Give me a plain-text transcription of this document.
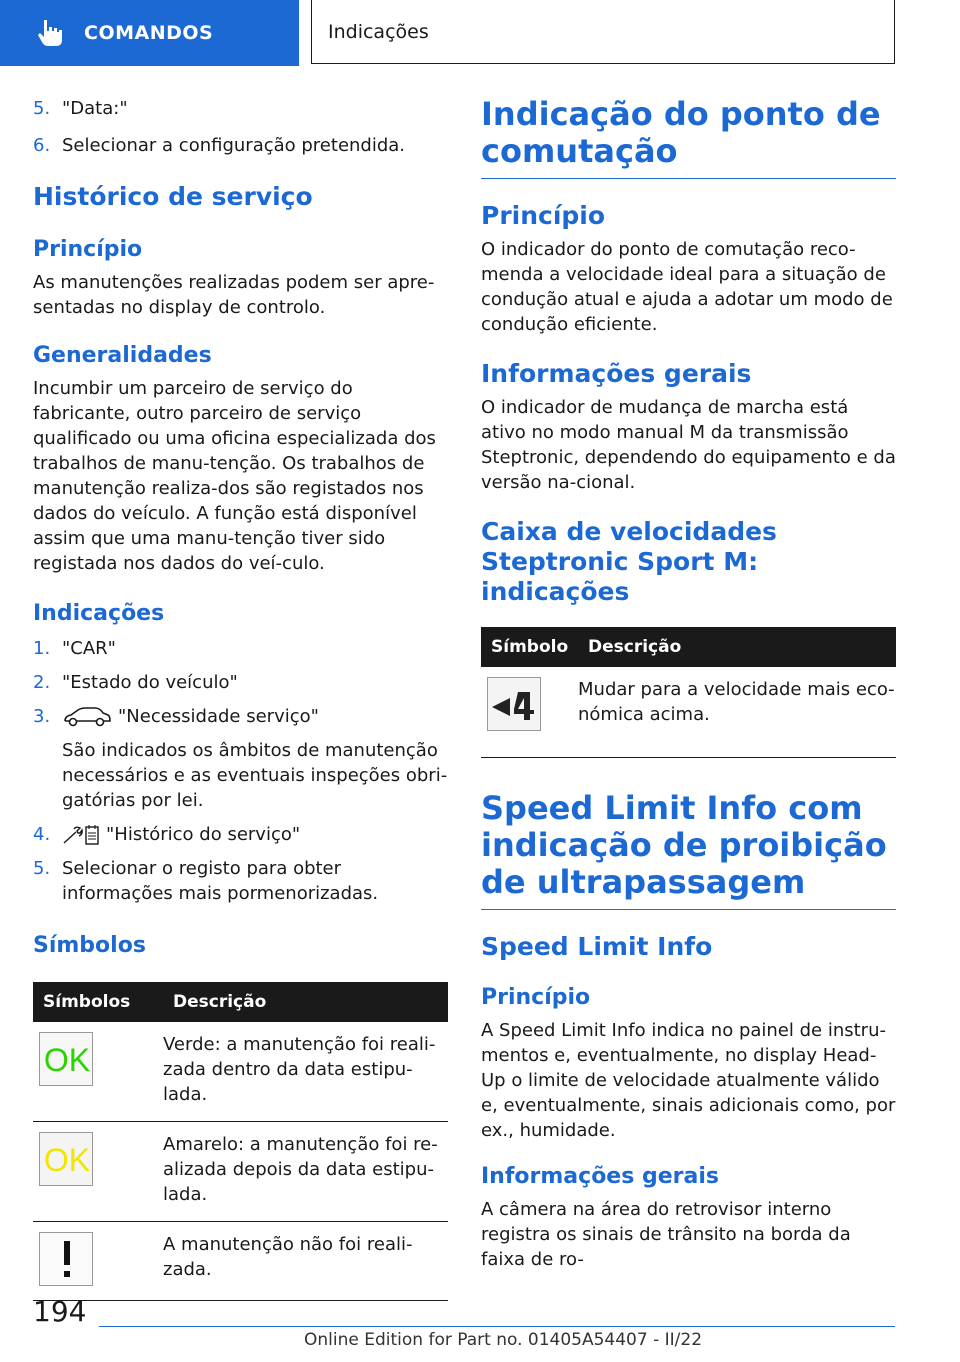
COMANDOS	Indicações
5. "Data:"
6. Selecionar a configuração pretendida.
Histórico de serviço
Princípio

As manutenções realizadas podem ser apre-sentadas no display de controlo.

Generalidades

Incumbir um parceiro de serviço do fabricante, outro parceiro de serviço qualificado ou uma oficina especializada dos trabalhos de manu-tenção. Os trabalhos de manutenção realiza-dos são registados nos dados do veículo. A função está disponível assim que uma manu-tenção tiver sido registada nos dados do veí-culo.

Indicações
1. "CAR"
2. "Estado do veículo"
3.	"Necessidade serviço"
São indicados os âmbitos de manutenção necessários e as eventuais inspeções obri-gatórias por lei.
4.	"Histórico do serviço"
5. Selecionar o registo para obter informações mais pormenorizadas.
Símbolos
Símbolos	Descrição

OK	Verde: a manutenção foi reali-zada dentro da data estipu-lada.

OK	Amarelo: a manutenção foi re-alizada depois da data estipu-lada.

	A manutenção não foi reali-zada.
Indicação do ponto de comutação
Princípio

O indicador do ponto de comutação reco-menda a velocidade ideal para a situação de condução atual e ajuda a adotar um modo de condução eficiente.

Informações gerais

O indicador de mudança de marcha está ativo no modo manual M da transmissão Steptronic, dependendo do equipamento e da versão na-cional.

Caixa de velocidades Steptronic Sport M: indicações
Símbolo	Descrição

	Mudar para a velocidade mais eco-nómica acima.
Speed Limit Info com indicação de proibição de ultrapassagem
Speed Limit Info
Princípio

A Speed Limit Info indica no painel de instru-mentos e, eventualmente, no display Head-Up o limite de velocidade atualmente válido e, eventualmente, sinais adicionais como, por ex., humidade.

Informações gerais

A câmera na área do retrovisor interno registra os sinais de trânsito na borda da faixa de ro-

194
Online Edition for Part no. 01405A54407 - II/22
